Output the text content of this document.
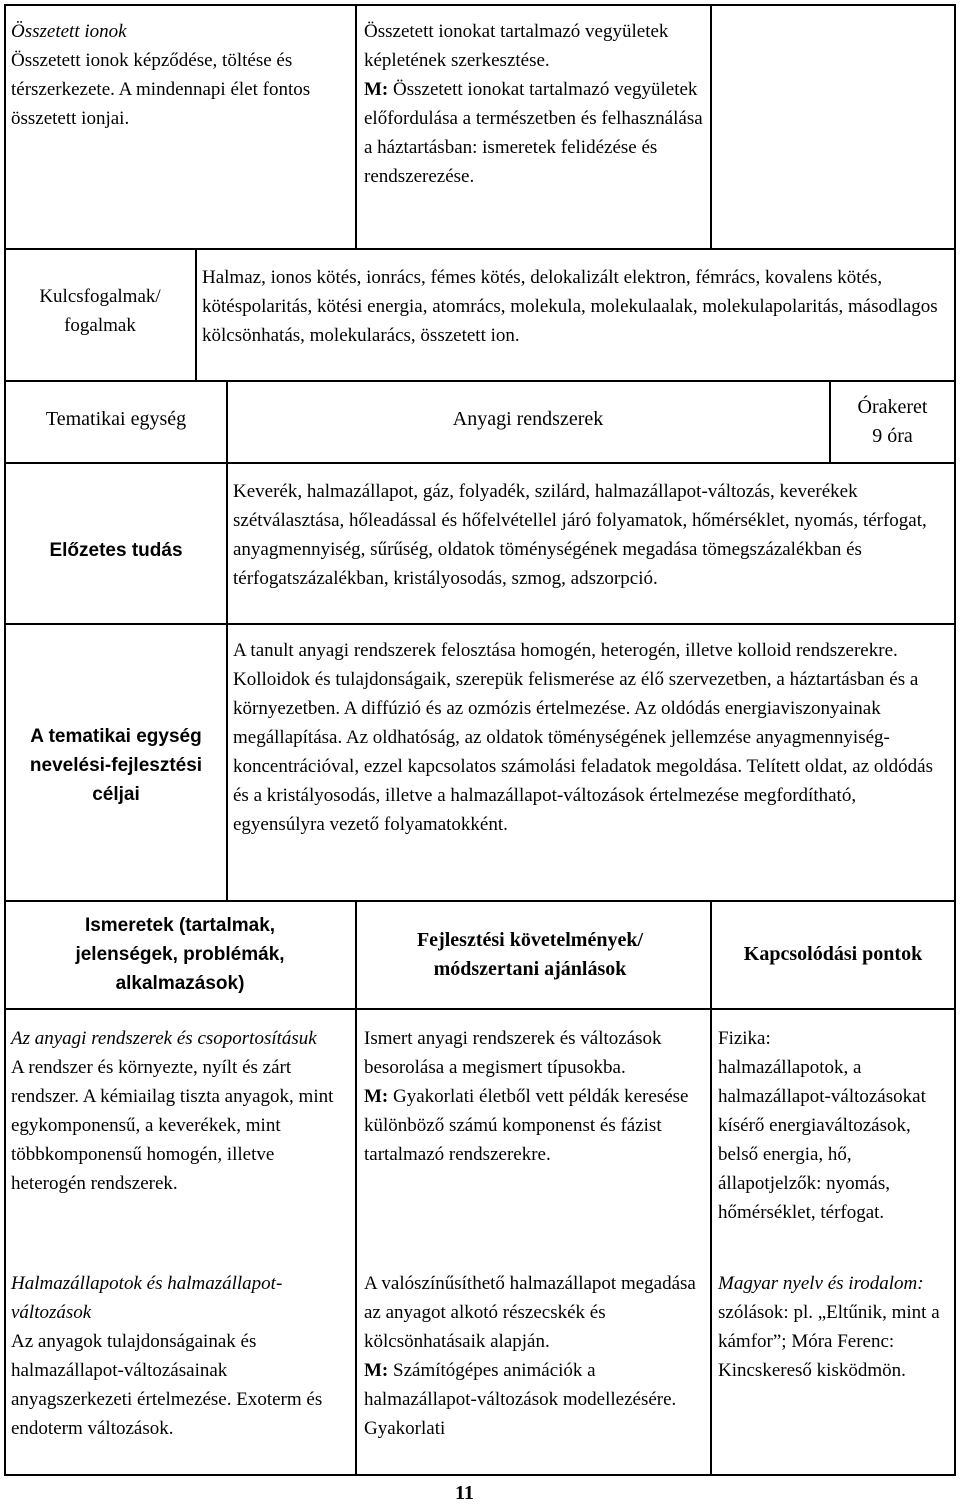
Összetett ionok

Összetett ionok képződése, töltése és térszerkezete. A mindennapi élet fontos összetett ionjai.

Összetett ionokat tartalmazó vegyületek képletének szerkesztése.

M: Összetett ionokat tartalmazó vegyületek előfordulása a természetben és felhasználása a háztartásban: ismeretek felidézése és rendszerezése.

Kulcsfogalmak/ fogalmak

Halmaz, ionos kötés, ionrács, fémes kötés, delokalizált elektron, fémrács, kovalens kötés, kötéspolaritás, kötési energia, atomrács, molekula, molekulaalak, molekulapolaritás, másodlagos kölcsönhatás, molekularács, összetett ion.

Tematikai egység	Anyagi rendszerek

Órakeret

9 óra

Előzetes tudás

Keverék, halmazállapot, gáz, folyadék, szilárd, halmazállapot-változás, keverékek szétválasztása, hőleadással és hőfelvétellel járó folyamatok, hőmérséklet, nyomás, térfogat, anyagmennyiség, sűrűség, oldatok töménységének megadása tömegszázalékban és térfogatszázalékban, kristályosodás, szmog, adszorpció.

A tematikai egység nevelési-fejlesztési céljai

A tanult anyagi rendszerek felosztása homogén, heterogén, illetve kolloid rendszerekre. Kolloidok és tulajdonságaik, szerepük felismerése az élő szervezetben, a háztartásban és a környezetben. A diffúzió és az ozmózis értelmezése. Az oldódás energiaviszonyainak megállapítása. Az oldhatóság, az oldatok töménységének jellemzése anyagmennyiség-koncentrációval, ezzel kapcsolatos számolási feladatok megoldása. Telített oldat, az oldódás és a kristályosodás, illetve a halmazállapot-változások értelmezése megfordítható, egyensúlyra vezető folyamatokként.

Ismeretek (tartalmak, jelenségek, problémák, alkalmazások)

Fejlesztési követelmények/ módszertani ajánlások

Kapcsolódási pontok

Az anyagi rendszerek és csoportosításuk

A rendszer és környezte, nyílt és zárt rendszer. A kémiailag tiszta anyagok, mint egykomponensű, a keverékek, mint többkomponensű homogén, illetve heterogén rendszerek.

Ismert anyagi rendszerek és változások besorolása a megismert típusokba.

M: Gyakorlati életből vett példák keresése különböző számú komponenst és fázist tartalmazó rendszerekre.

Fizika:

halmazállapotok, a halmazállapot-változásokat kísérő energiaváltozások, belső energia, hő, állapotjelzők: nyomás, hőmérséklet, térfogat.

Halmazállapotok és halmazállapot-változások

Az anyagok tulajdonságainak és halmazállapot-változásainak anyagszerkezeti értelmezése. Exoterm és endoterm változások.

A valószínűsíthető halmazállapot megadása az anyagot alkotó részecskék és kölcsönhatásaik alapján.

M: Számítógépes animációk a halmazállapot-változások modellezésére. Gyakorlati

Magyar nyelv és irodalom: szólások: pl. „Eltűnik, mint a kámfor”; Móra Ferenc: Kincskereső kisködmön.

11
